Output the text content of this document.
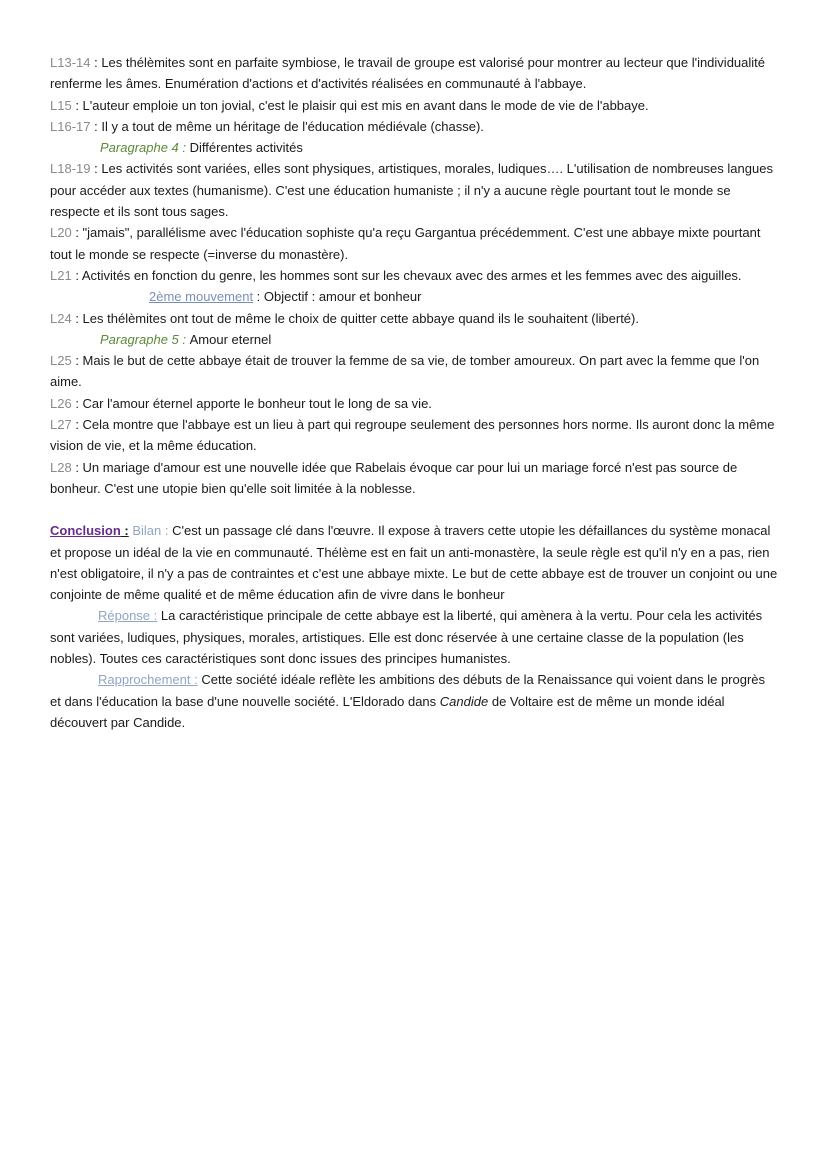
L13-14 : Les thélèmites sont en parfaite symbiose, le travail de groupe est valorisé pour montrer au lecteur que l'individualité renferme les âmes. Enumération d'actions et d'activités réalisées en communauté à l'abbaye.

L15 : L'auteur emploie un ton jovial, c'est le plaisir qui est mis en avant dans le mode de vie de l'abbaye.

L16-17 : Il y a tout de même un héritage de l'éducation médiévale (chasse).

Paragraphe 4 : Différentes activités

L18-19 : Les activités sont variées, elles sont physiques, artistiques, morales, ludiques…. L'utilisation de nombreuses langues pour accéder aux textes (humanisme). C'est une éducation humaniste ; il n'y a aucune règle pourtant tout le monde se respecte et ils sont tous sages.

L20 : "jamais", parallélisme avec l'éducation sophiste qu'a reçu Gargantua précédemment. C'est une abbaye mixte pourtant tout le monde se respecte (=inverse du monastère).

L21 : Activités en fonction du genre, les hommes sont sur les chevaux avec des armes et les femmes avec des aiguilles.

2ème mouvement : Objectif : amour et bonheur

L24 : Les thélèmites ont tout de même le choix de quitter cette abbaye quand ils le souhaitent (liberté).

Paragraphe 5 : Amour eternel

L25 : Mais le but de cette abbaye était de trouver la femme de sa vie, de tomber amoureux. On part avec la femme que l'on aime.

L26 : Car l'amour éternel apporte le bonheur tout le long de sa vie.

L27 : Cela montre que l'abbaye est un lieu à part qui regroupe seulement des personnes hors norme. Ils auront donc la même vision de vie, et la même éducation.

L28 : Un mariage d'amour est une nouvelle idée que Rabelais évoque car pour lui un mariage forcé n'est pas source de bonheur. C'est une utopie bien qu'elle soit limitée à la noblesse.

Conclusion : Bilan : C'est un passage clé dans l'œuvre. Il expose à travers cette utopie les défaillances du système monacal et propose un idéal de la vie en communauté. Thélème est en fait un anti-monastère, la seule règle est qu'il n'y en a pas, rien n'est obligatoire, il n'y a pas de contraintes et c'est une abbaye mixte. Le but de cette abbaye est de trouver un conjoint ou une conjointe de même qualité et de même éducation afin de vivre dans le bonheur

Réponse : La caractéristique principale de cette abbaye est la liberté, qui amènera à la vertu. Pour cela les activités sont variées, ludiques, physiques, morales, artistiques. Elle est donc réservée à une certaine classe de la population (les nobles). Toutes ces caractéristiques sont donc issues des principes humanistes.

Rapprochement : Cette société idéale reflète les ambitions des débuts de la Renaissance qui voient dans le progrès et dans l'éducation la base d'une nouvelle société. L'Eldorado dans Candide de Voltaire est de même un monde idéal découvert par Candide.
